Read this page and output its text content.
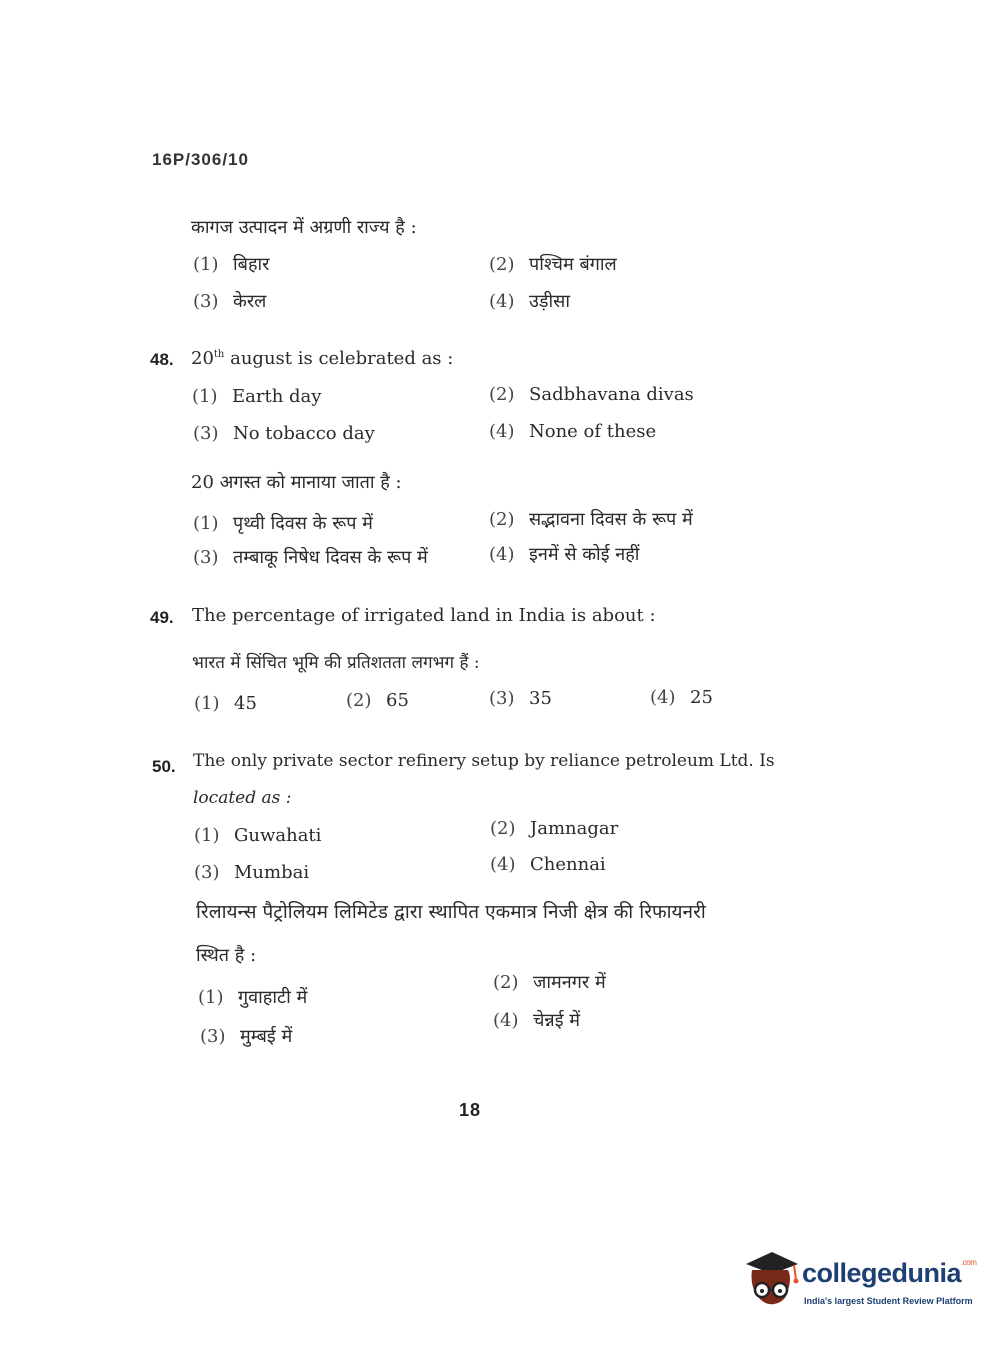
16P/306/10
कागज उत्पादन में अग्रणी राज्य है :
(1) बिहार	(2) पश्चिम बंगाल
(3) केरल	(4) उड़ीसा
48. 20th august is celebrated as :
(1) Earth day	(2) Sadbhavana divas
(3) No tobacco day	(4) None of these
20 अगस्त को मानाया जाता है :
(1) पृथ्वी दिवस के रूप में	(2) सद्भावना दिवस के रूप में
(3) तम्बाकू निषेध दिवस के रूप में	(4) इनमें से कोई नहीं
49. The percentage of irrigated land in India is about :
भारत में सिंचित भूमि की प्रतिशतता लगभग हैं :
(1) 45	(2) 65	(3) 35	(4) 25
50. The only private sector refinery setup by reliance petroleum Ltd. Is
located as :
(1) Guwahati	(2) Jamnagar
(3) Mumbai	(4) Chennai
रिलायन्स पैट्रोलियम लिमिटेड द्वारा स्थापित एकमात्र निजी क्षेत्र की रिफायनरी
स्थित है :
(1) गुवाहाटी में
(2) जामनगर में
(3) मुम्बई में
(4) चेन्नई में
18
collegedunia$^{.com}$
India's largest Student Review Platform
